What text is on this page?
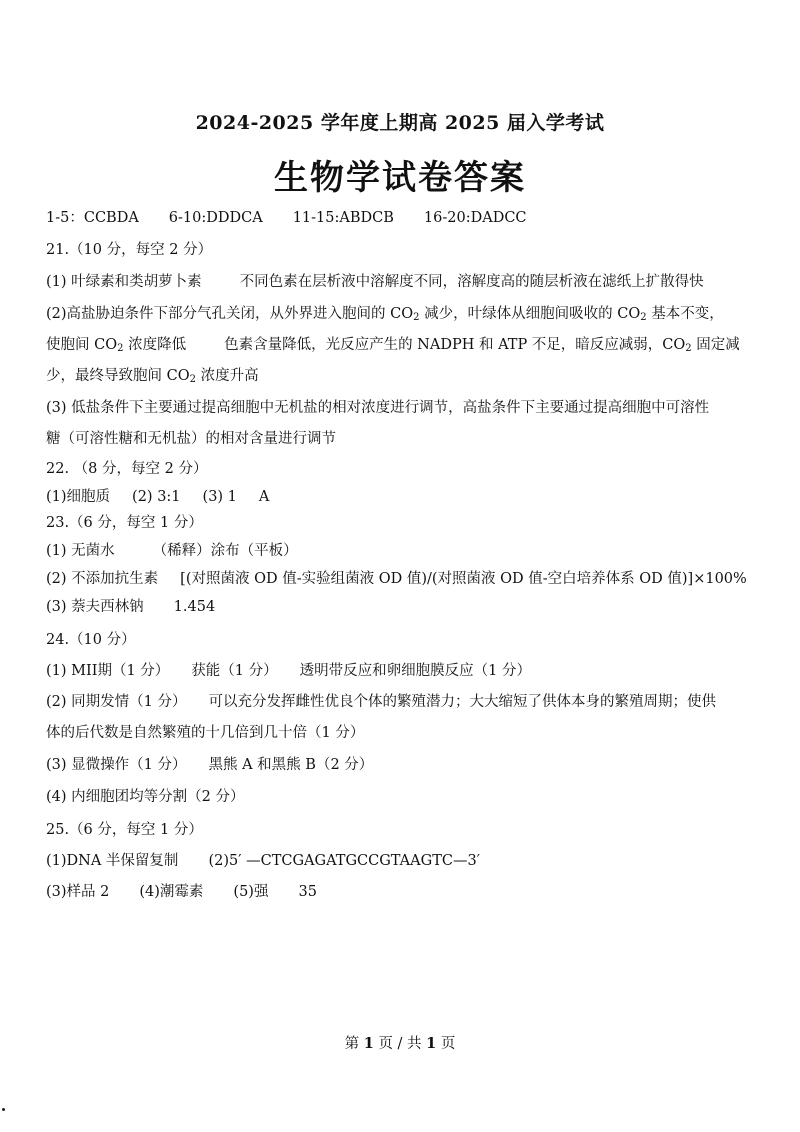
2024-2025 学年度上期高 2025 届入学考试
生物学试卷答案
1-5：CCBDA 6-10:DDDCA 11-15:ABDCB 16-20:DADCC
21.（10 分，每空 2 分）
(1) 叶绿素和类胡萝卜素	不同色素在层析液中溶解度不同，溶解度高的随层析液在滤纸上扩散得快
(2)高盐胁迫条件下部分气孔关闭，从外界进入胞间的 $CO_2$ 减少，叶绿体从细胞间吸收的 $CO_2$ 基本不变，
使胞间 $CO_2$ 浓度降低	色素含量降低，光反应产生的 NADPH 和 ATP 不足，暗反应减弱，$CO_2$ 固定减
少，最终导致胞间 $CO_2$ 浓度升高
(3) 低盐条件下主要通过提高细胞中无机盐的相对浓度进行调节，高盐条件下主要通过提高细胞中可溶性
糖（可溶性糖和无机盐）的相对含量进行调节
22. （8 分，每空 2 分）
(1)细胞质 (2) 3:1 (3) 1 A
23.（6 分，每空 1 分）
(1) 无菌水	（稀释）涂布（平板）
(2) 不添加抗生素 [(对照菌液 OD 值-实验组菌液 OD 值)/(对照菌液 OD 值-空白培养体系 OD 值)]×100%
(3) 萘夫西林钠 1.454
24.（10 分）
(1) MII期（1 分） 获能（1 分） 透明带反应和卵细胞膜反应（1 分）
(2) 同期发情（1 分） 可以充分发挥雌性优良个体的繁殖潜力；大大缩短了供体本身的繁殖周期；使供
体的后代数是自然繁殖的十几倍到几十倍（1 分）
(3) 显微操作（1 分） 黑熊 A 和黑熊 B（2 分）
(4) 内细胞团均等分割（2 分）
25.（6 分，每空 1 分）
(1)DNA 半保留复制 (2)5′ —CTCGAGATGCCGTAAGTC—3′
(3)样品 2 (4)潮霉素 (5)强 35
第 1 页 / 共 1 页
